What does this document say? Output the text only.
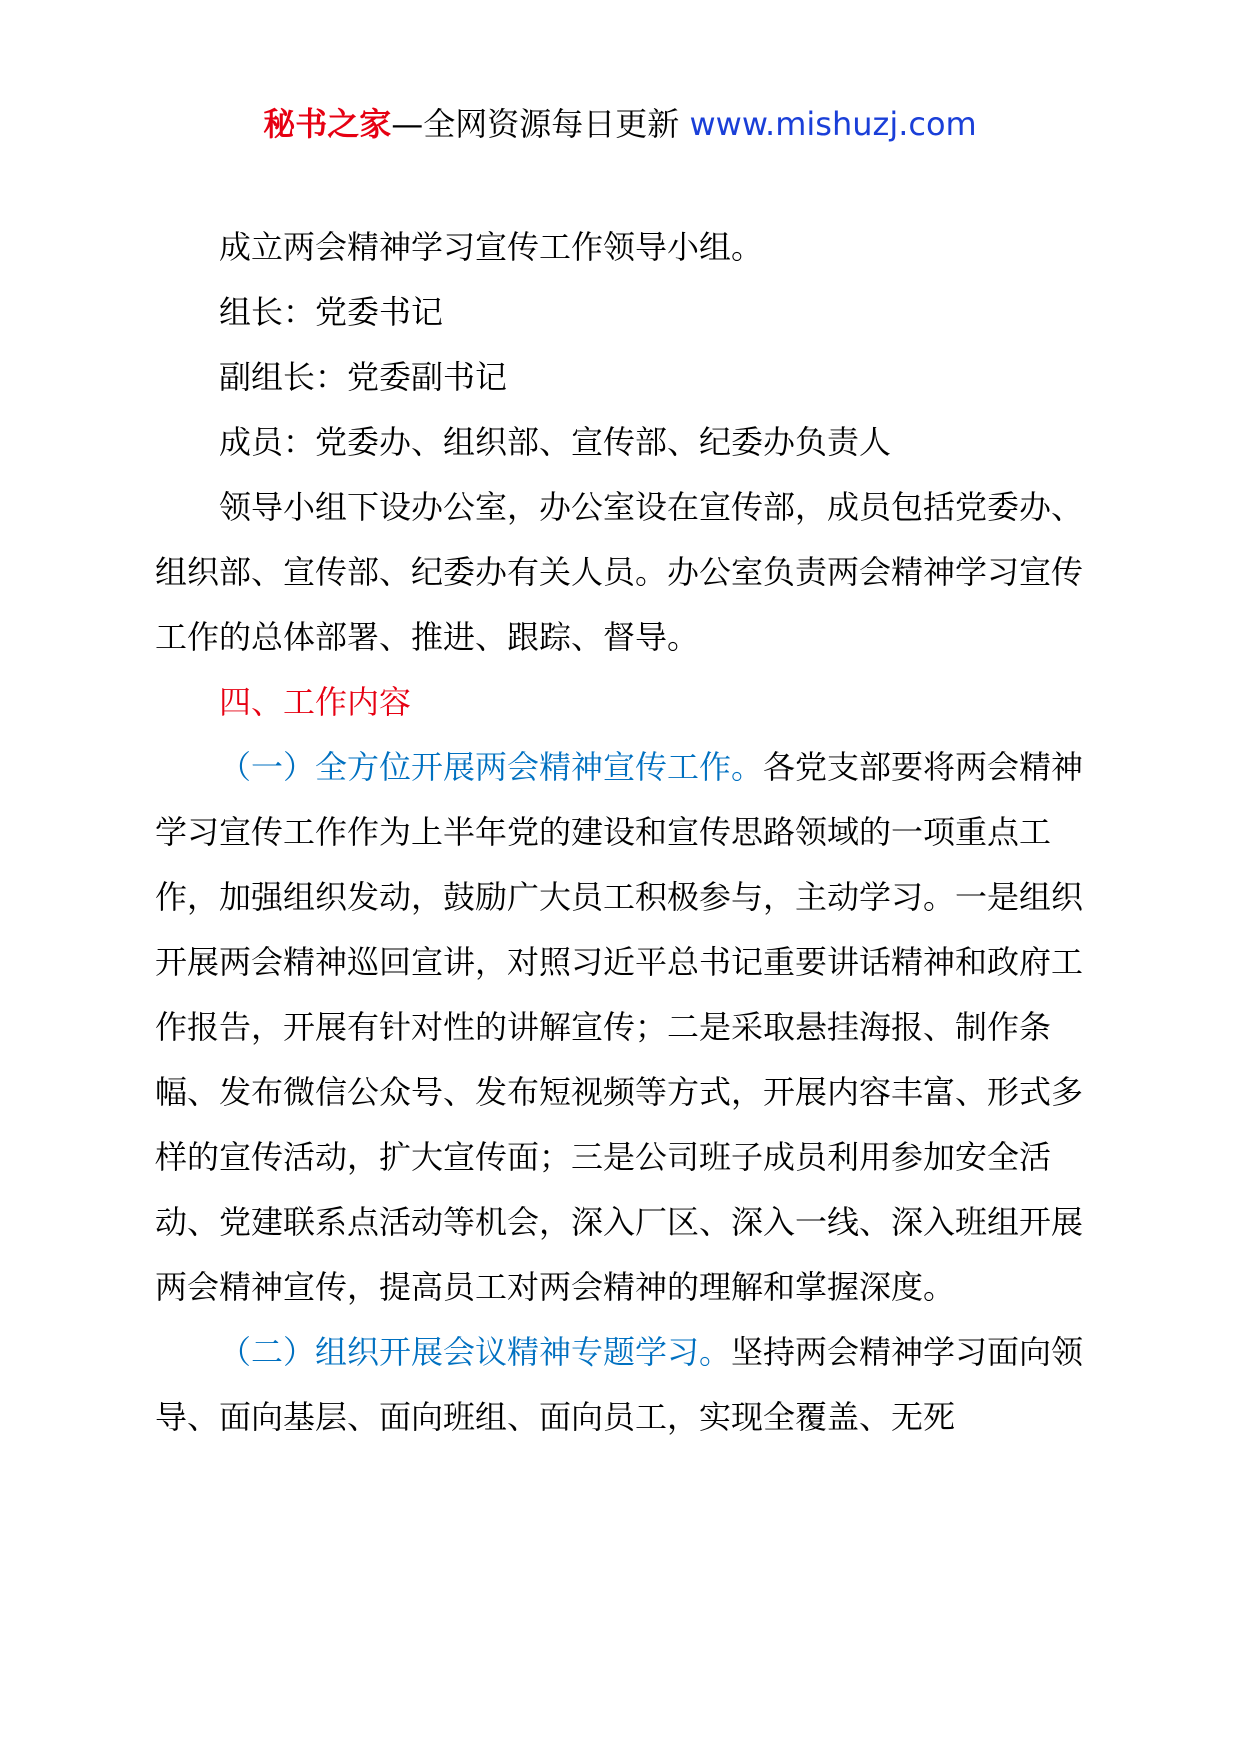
秘书之家—全网资源每日更新 www.mishuzj.com

成立两会精神学习宣传工作领导小组。

组长：党委书记

副组长：党委副书记

成员：党委办、组织部、宣传部、纪委办负责人

领导小组下设办公室，办公室设在宣传部，成员包括党委办、组织部、宣传部、纪委办有关人员。办公室负责两会精神学习宣传工作的总体部署、推进、跟踪、督导。

四、工作内容

（一）全方位开展两会精神宣传工作。各党支部要将两会精神学习宣传工作作为上半年党的建设和宣传思路领域的一项重点工作，加强组织发动，鼓励广大员工积极参与，主动学习。一是组织开展两会精神巡回宣讲，对照习近平总书记重要讲话精神和政府工作报告，开展有针对性的讲解宣传；二是采取悬挂海报、制作条幅、发布微信公众号、发布短视频等方式，开展内容丰富、形式多样的宣传活动，扩大宣传面；三是公司班子成员利用参加安全活动、党建联系点活动等机会，深入厂区、深入一线、深入班组开展两会精神宣传，提高员工对两会精神的理解和掌握深度。

（二）组织开展会议精神专题学习。坚持两会精神学习面向领导、面向基层、面向班组、面向员工，实现全覆盖、无死
